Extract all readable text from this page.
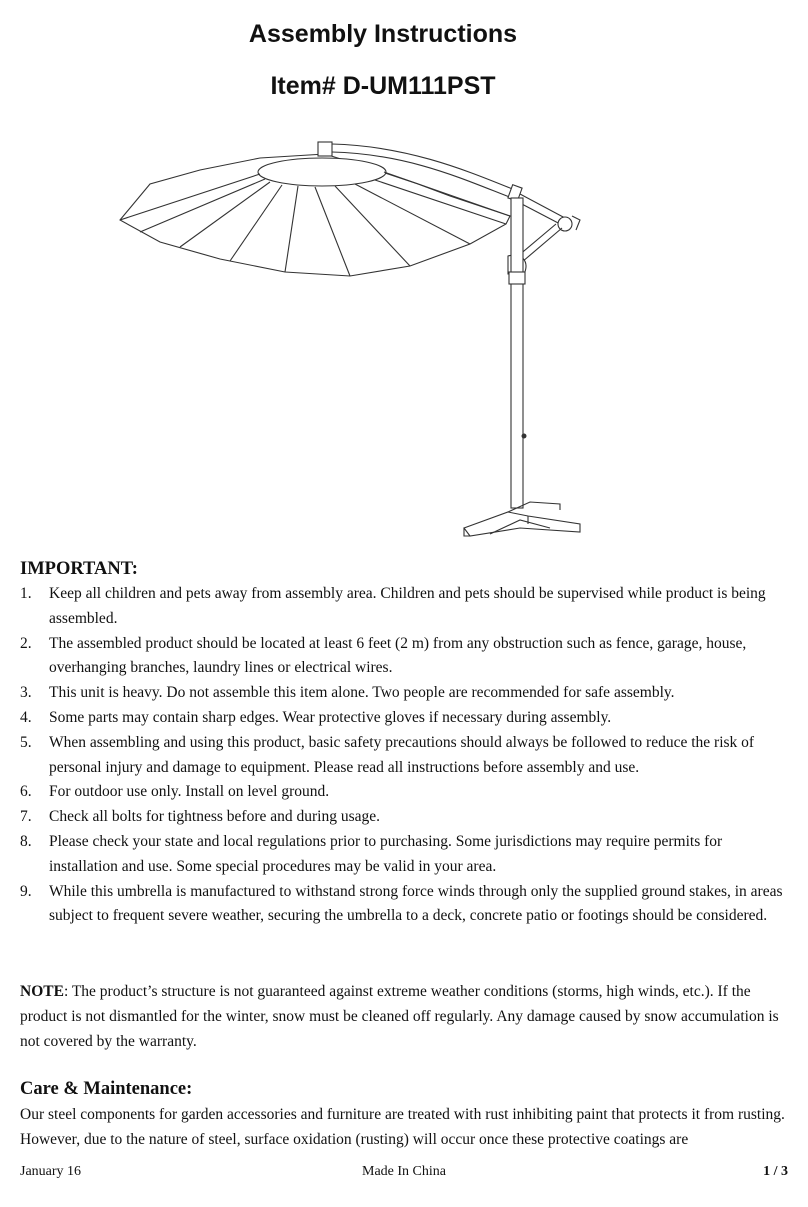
Assembly Instructions
Item# D-UM111PST
IMPORTANT:
1. Keep all children and pets away from assembly area. Children and pets should be supervised while product is being assembled.
2. The assembled product should be located at least 6 feet (2 m) from any obstruction such as fence, garage, house, overhanging branches, laundry lines or electrical wires.
3. This unit is heavy. Do not assemble this item alone. Two people are recommended for safe assembly.
4. Some parts may contain sharp edges. Wear protective gloves if necessary during assembly.
5. When assembling and using this product, basic safety precautions should always be followed to reduce the risk of personal injury and damage to equipment. Please read all instructions before assembly and use.
6. For outdoor use only. Install on level ground.
7. Check all bolts for tightness before and during usage.
8. Please check your state and local regulations prior to purchasing. Some jurisdictions may require permits for installation and use. Some special procedures may be valid in your area.
9. While this umbrella is manufactured to withstand strong force winds through only the supplied ground stakes, in areas subject to frequent severe weather, securing the umbrella to a deck, concrete patio or footings should be considered.

NOTE: The product’s structure is not guaranteed against extreme weather conditions (storms, high winds, etc.). If the product is not dismantled for the winter, snow must be cleaned off regularly. Any damage caused by snow accumulation is not covered by the warranty.

Care & Maintenance:

Our steel components for garden accessories and furniture are treated with rust inhibiting paint that protects it from rusting. However, due to the nature of steel, surface oxidation (rusting) will occur once these protective coatings are

Made In China
January 16	1 / 3
